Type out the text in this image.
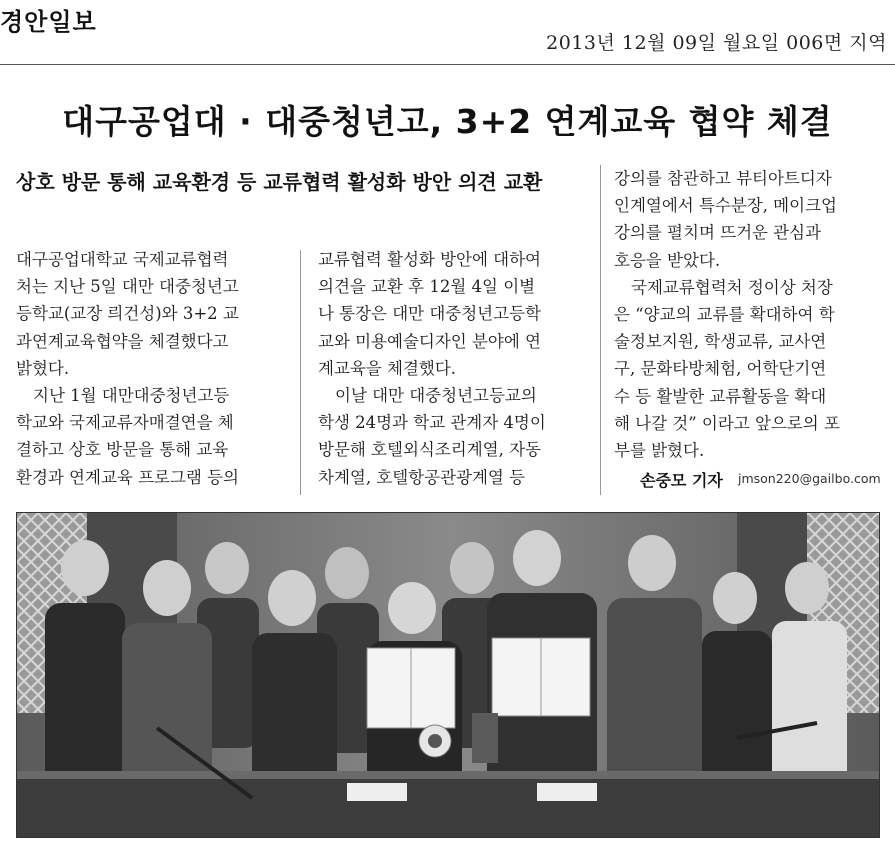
경안일보
2013년 12월 09일 월요일 006면 지역
대구공업대 · 대중청년고, 3+2 연계교육 협약 체결
상호 방문 통해 교육환경 등 교류협력 활성화 방안 의견 교환

대구공업대학교 국제교류협력

처는 지난 5일 대만 대중청년고

등학교(교장 릐건성)와 3+2 교

과연계교육협약을 체결했다고

밝혔다.

지난 1월 대만대중청년고등

학교와 국제교류자매결연을 체

결하고 상호 방문을 통해 교육

환경과 연계교육 프로그램 등의

교류협력 활성화 방안에 대하여

의견을 교환 후 12월 4일 이별

나 통장은 대만 대중청년고등학

교와 미용예술디자인 분야에 연

계교육을 체결했다.

이날 대만 대중청년고등교의

학생 24명과 학교 관계자 4명이

방문해 호텔외식조리계열, 자동

차계열, 호텔항공관광계열 등

강의를 참관하고 뷰티아트디자

인계열에서 특수분장, 메이크업

강의를 펼치며 뜨거운 관심과

호응을 받았다.

국제교류협력처 정이상 처장

은 “양교의 교류를 확대하여 학

술정보지원, 학생교류, 교사연

구, 문화타방체험, 어학단기연

수 등 활발한 교류활동을 확대

해 나갈 것” 이라고 앞으로의 포

부를 밝혔다.

손중모 기자 jmson220@gailbo.com
